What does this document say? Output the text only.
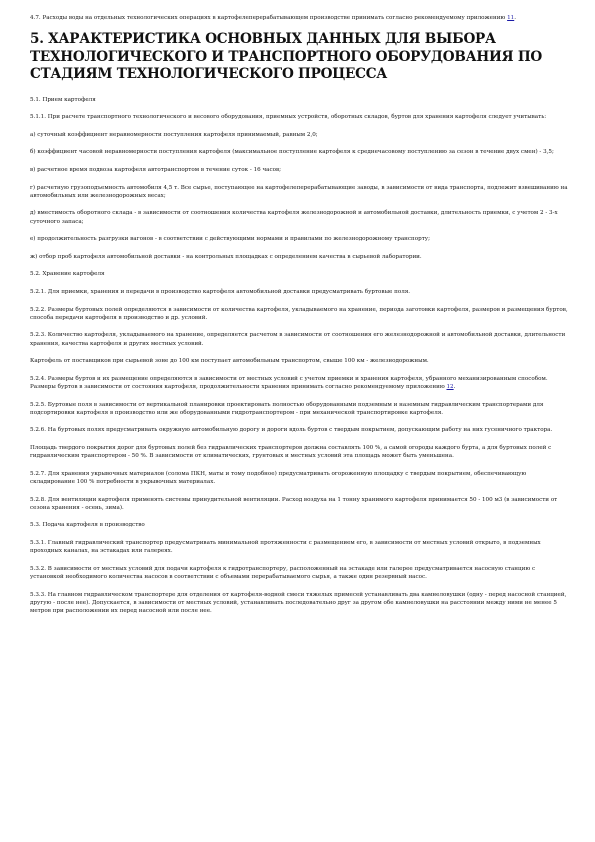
4.7. Расходы воды на отдельных технологических операциях в картофелеперерабатывающем производстве принимать согласно рекомендуемому приложению 11.

5. ХАРАКТЕРИСТИКА ОСНОВНЫХ ДАННЫХ ДЛЯ ВЫБОРА ТЕХНОЛОГИЧЕСКОГО И ТРАНСПОРТНОГО ОБОРУДОВАНИЯ ПО СТАДИЯМ ТЕХНОЛОГИЧЕСКОГО ПРОЦЕССА

5.1. Прием картофеля

5.1.1. При расчете транспортного технологического и весового оборудования, приемных устройств, оборотных складов, буртов для хранения картофеля следует учитывать:

а) суточный коэффициент неравномерности поступления картофеля принимаемый, равным 2,0;

б) коэффициент часовой неравномерности поступления картофеля (максимальное поступление картофеля к среднечасовому поступлению за сезон в течение двух смен) - 3,5;

в) расчетное время подвоза картофеля автотранспортом в течение суток - 16 часов;

г) расчетную грузоподъемность автомобиля 4,5 т. Все сырье, поступающее на картофелеперерабатывающие заводы, в зависимости от вида транспорта, подлежит взвешиванию на автомобильных или железнодорожных весах;

д) вместимость оборотного склада - в зависимости от соотношения количества картофеля железнодорожной и автомобильной доставки, длительность приемки, с учетом 2 - 3-х суточного запаса;

е) продолжительность разгрузки вагонов - в соответствии с действующими нормами и правилами по железнодорожному транспорту;

ж) отбор проб картофеля автомобильной доставки - на контрольных площадках с определением качества в сырьевой лаборатории.

5.2. Хранение картофеля

5.2.1. Для приемки, хранения и передачи в производство картофеля автомобильной доставки предусматривать буртовые поля.

5.2.2. Размеры буртовых полей определяются в зависимости от количества картофеля, укладываемого на хранение, периода заготовки картофеля, размеров и размещения буртов, способа передачи картофеля в производство и др. условий.

5.2.3. Количество картофеля, укладываемого на хранение, определяется расчетом в зависимости от соотношения его железнодорожной и автомобильной доставки, длительности хранения, качества картофеля и других местных условий.

Картофель от поставщиков при сырьевой зоне до 100 км поступает автомобильным транспортом, свыше 100 км - железнодорожным.

5.2.4. Размеры буртов и их размещение определяются в зависимости от местных условий с учетом приемки и хранения картофеля, убранного механизированным способом. Размеры буртов в зависимости от состояния картофеля, продолжительности хранения принимать согласно рекомендуемому приложению 12.

5.2.5. Буртовые поля в зависимости от вертикальной планировки проектировать полностью оборудованными подземным и наземным гидравлическим транспортерами для подсортировки картофеля в производство или же оборудованными гидротранспортером - при механической транспортировке картофеля.

5.2.6. На буртовых полях предусматривать окружную автомобильную дорогу и дороги вдоль буртов с твердым покрытием, допускающим работу на них гусеничного трактора.

Площадь твердого покрытия дорог для буртовых полей без гидравлических транспортеров должна составлять 100 %, а самой огороды каждого бурта, а для буртовых полей с гидравлическим транспортером - 50 %. В зависимости от климатических, грунтовых и местных условий эта площадь может быть уменьшена.

5.2.7. Для хранения укрывочных материалов (солома ПКН, маты и тому подобное) предусматривать огороженную площадку с твердым покрытием, обеспечивающую складирование 100 % потребности в укрывочных материалах.

5.2.8. Для вентиляции картофеля применять системы принудительной вентиляции. Расход воздуха на 1 тонну хранимого картофеля принимается 50 - 100 м3 (в зависимости от сезона хранения - осень, зима).

5.3. Подача картофеля в производство

5.3.1. Главный гидравлический транспортер предусматривать минимальной протяженности с размещением его, в зависимости от местных условий открыто, в подземных проходных каналах, на эстакадах или галереях.

5.3.2. В зависимости от местных условий для подачи картофеля к гидротранспортеру, расположенный на эстакаде или галерее предусматривается насосную станцию с установкой необходимого количества насосов в соответствии с объемами перерабатываемого сырья, а также один резервный насос.

5.3.3. На главном гидравлическом транспортере для отделения от картофеля-водной смеси тяжелых примесей устанавливать два камнеловушки (одну - перед насосной станцией, другую - после нее). Допускается, в зависимости от местных условий, устанавливать последовательно друг за другом обе камнеловушки на расстоянии между ними не менее 5 метров при расположении их перед насосной или после нее.
